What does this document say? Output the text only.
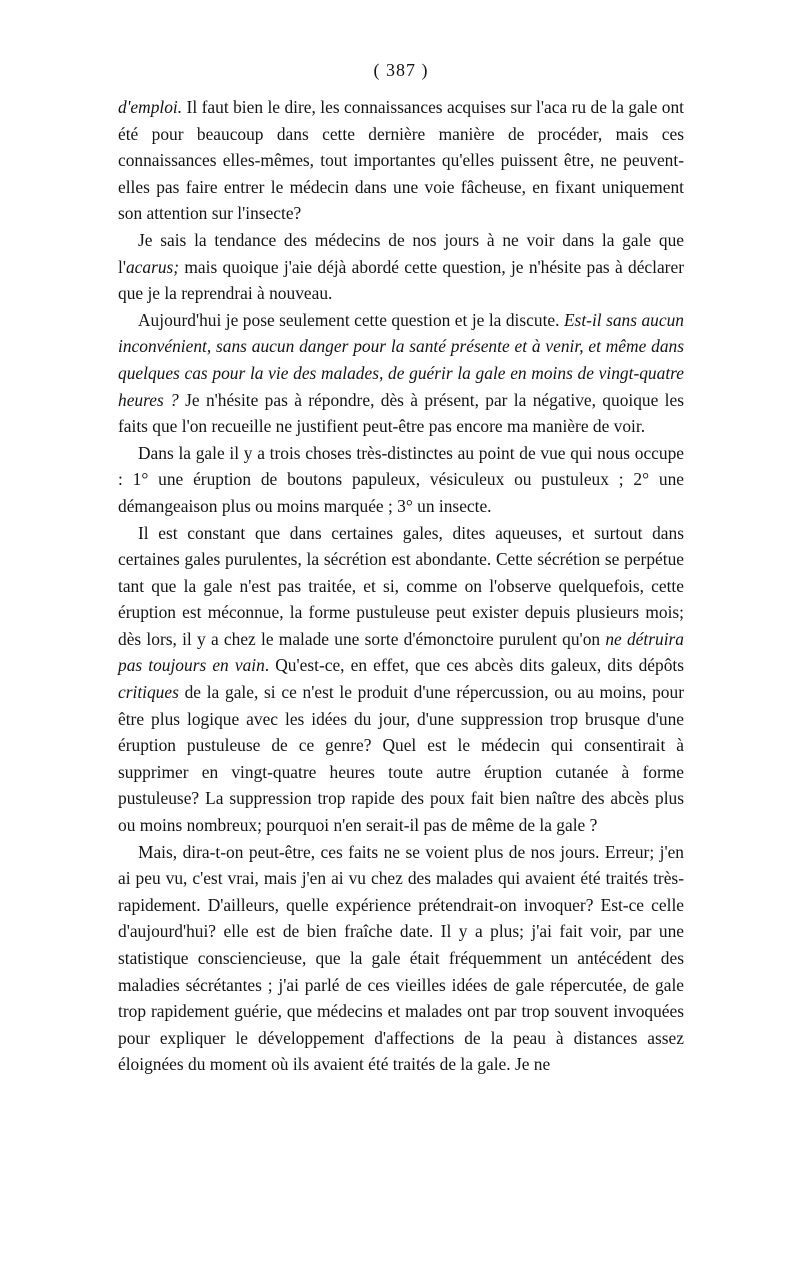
( 387 )

d'emploi. Il faut bien le dire, les connaissances acquises sur l'aca ru de la gale ont été pour beaucoup dans cette dernière manière de procéder, mais ces connaissances elles-mêmes, tout importantes qu'elles puissent être, ne peuvent-elles pas faire entrer le médecin dans une voie fâcheuse, en fixant uniquement son attention sur l'insecte?

Je sais la tendance des médecins de nos jours à ne voir dans la gale que l'acarus; mais quoique j'aie déjà abordé cette question, je n'hésite pas à déclarer que je la reprendrai à nouveau.

Aujourd'hui je pose seulement cette question et je la discute. Est-il sans aucun inconvénient, sans aucun danger pour la santé présente et à venir, et même dans quelques cas pour la vie des malades, de guérir la gale en moins de vingt-quatre heures ? Je n'hésite pas à répondre, dès à présent, par la négative, quoique les faits que l'on recueille ne justifient peut-être pas encore ma manière de voir.

Dans la gale il y a trois choses très-distinctes au point de vue qui nous occupe : 1° une éruption de boutons papuleux, vésiculeux ou pustuleux ; 2° une démangeaison plus ou moins marquée ; 3° un insecte.

Il est constant que dans certaines gales, dites aqueuses, et surtout dans certaines gales purulentes, la sécrétion est abondante. Cette sécrétion se perpétue tant que la gale n'est pas traitée, et si, comme on l'observe quelquefois, cette éruption est méconnue, la forme pustuleuse peut exister depuis plusieurs mois; dès lors, il y a chez le malade une sorte d'émonctoire purulent qu'on ne détruira pas toujours en vain. Qu'est-ce, en effet, que ces abcès dits galeux, dits dépôts critiques de la gale, si ce n'est le produit d'une répercussion, ou au moins, pour être plus logique avec les idées du jour, d'une suppression trop brusque d'une éruption pustuleuse de ce genre? Quel est le médecin qui consentirait à supprimer en vingt-quatre heures toute autre éruption cutanée à forme pustuleuse? La suppression trop rapide des poux fait bien naître des abcès plus ou moins nombreux; pourquoi n'en serait-il pas de même de la gale ?

Mais, dira-t-on peut-être, ces faits ne se voient plus de nos jours. Erreur; j'en ai peu vu, c'est vrai, mais j'en ai vu chez des malades qui avaient été traités très-rapidement. D'ailleurs, quelle expérience prétendrait-on invoquer? Est-ce celle d'aujourd'hui? elle est de bien fraîche date. Il y a plus; j'ai fait voir, par une statistique consciencieuse, que la gale était fréquemment un antécédent des maladies sécrétantes ; j'ai parlé de ces vieilles idées de gale répercutée, de gale trop rapidement guérie, que médecins et malades ont par trop souvent invoquées pour expliquer le développement d'affections de la peau à distances assez éloignées du moment où ils avaient été traités de la gale. Je ne
